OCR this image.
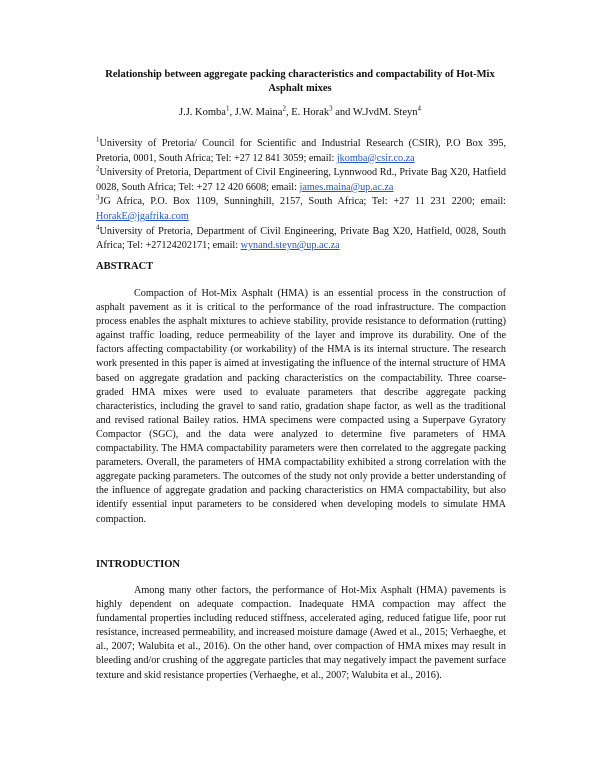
Relationship between aggregate packing characteristics and compactability of Hot-Mix Asphalt mixes
J.J. Komba$^1$, J.W. Maina$^2$, E. Horak$^3$ and W.JvdM. Steyn$^4$

$^1$University of Pretoria/ Council for Scientific and Industrial Research (CSIR), P.O Box 395, Pretoria, 0001, South Africa; Tel: +27 12 841 3059; email: jkomba@csir.co.za

$^2$University of Pretoria, Department of Civil Engineering, Lynnwood Rd., Private Bag X20, Hatfield 0028, South Africa; Tel: +27 12 420 6608; email: james.maina@up.ac.za

$^3$JG Africa, P.O. Box 1109, Sunninghill, 2157, South Africa; Tel: +27 11 231 2200; email: HorakE@jgafrika.com

$^4$University of Pretoria, Department of Civil Engineering, Private Bag X20, Hatfield, 0028, South Africa; Tel: +27124202171; email: wynand.steyn@up.ac.za

ABSTRACT

Compaction of Hot-Mix Asphalt (HMA) is an essential process in the construction of asphalt pavement as it is critical to the performance of the road infrastructure. The compaction process enables the asphalt mixtures to achieve stability, provide resistance to deformation (rutting) against traffic loading, reduce permeability of the layer and improve its durability. One of the factors affecting compactability (or workability) of the HMA is its internal structure. The research work presented in this paper is aimed at investigating the influence of the internal structure of HMA based on aggregate gradation and packing characteristics on the compactability. Three coarse-graded HMA mixes were used to evaluate parameters that describe aggregate packing characteristics, including the gravel to sand ratio, gradation shape factor, as well as the traditional and revised rational Bailey ratios. HMA specimens were compacted using a Superpave Gyratory Compactor (SGC), and the data were analyzed to determine five parameters of HMA compactability. The HMA compactability parameters were then correlated to the aggregate packing parameters. Overall, the parameters of HMA compactability exhibited a strong correlation with the aggregate packing parameters. The outcomes of the study not only provide a better understanding of the influence of aggregate gradation and packing characteristics on HMA compactability, but also identify essential input parameters to be considered when developing models to simulate HMA compaction.

INTRODUCTION

Among many other factors, the performance of Hot-Mix Asphalt (HMA) pavements is highly dependent on adequate compaction. Inadequate HMA compaction may affect the fundamental properties including reduced stiffness, accelerated aging, reduced fatigue life, poor rut resistance, increased permeability, and increased moisture damage (Awed et al., 2015; Verhaeghe, et al., 2007; Walubita et al., 2016). On the other hand, over compaction of HMA mixes may result in bleeding and/or crushing of the aggregate particles that may negatively impact the pavement surface texture and skid resistance properties (Verhaeghe, et al., 2007; Walubita et al., 2016).
